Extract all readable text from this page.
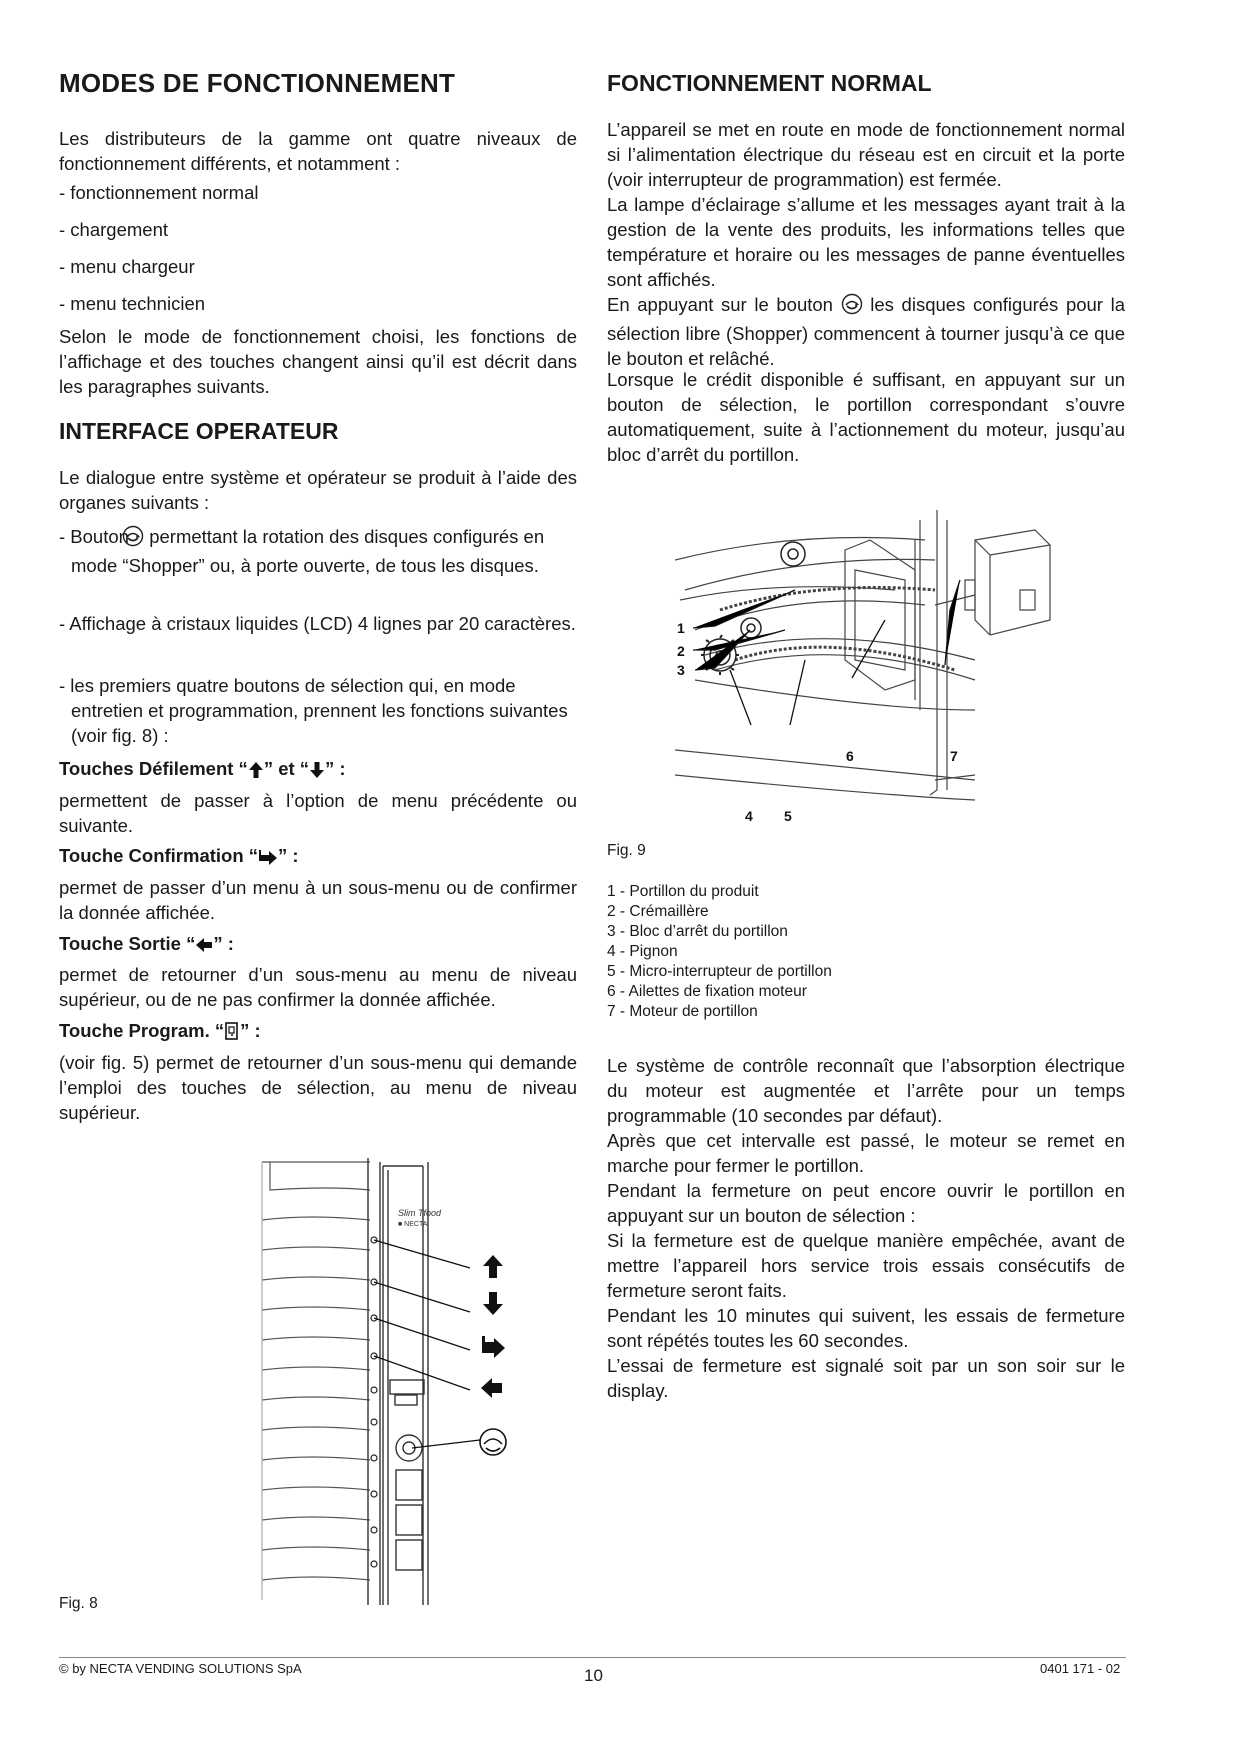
MODES DE FONCTIONNEMENT

Les distributeurs de la gamme ont quatre niveaux de fonctionnement différents, et notamment :

- fonctionnement normal
- chargement
- menu chargeur
- menu technicien

Selon le mode de fonctionnement choisi, les fonctions de l’affichage et des touches changent ainsi qu’il est décrit dans les paragraphes suivants.

INTERFACE OPERATEUR

Le dialogue entre système et opérateur se produit à l’aide des organes suivants :

- Bouton permettant la rotation des disques configurés en mode “Shopper” ou, à porte ouverte, de tous les disques.
- Affichage à cristaux liquides (LCD) 4 lignes par 20 caractères.
- les premiers quatre boutons de sélection qui, en mode entretien et programmation, prennent les fonctions suivantes (voir fig. 8) :

Touches Défilement “ ” et “ ” :

permettent de passer à l’option de menu précédente ou suivante.

Touche Confirmation “ ” :

permet de passer d’un menu à un sous-menu ou de confirmer la donnée affichée.

Touche Sortie “ ” :

permet de retourner d’un sous-menu au menu de niveau supérieur, ou de ne pas confirmer la donnée affichée.

Touche Program. “ ” :

(voir fig. 5) permet de retourner d’un sous-menu qui demande l’emploi des touches de sélection, au menu de niveau supérieur.

Slim Tfood
■ NECTA
Fig. 8
FONCTIONNEMENT NORMAL

L’appareil se met en route en mode de fonctionnement normal si l’alimentation électrique du réseau est en circuit et la porte (voir interrupteur de programmation) est fermée.

La lampe d’éclairage s’allume et les messages ayant trait à la gestion de la vente des produits, les informations telles que température et horaire ou les messages de panne éventuelles sont affichés.

En appuyant sur le bouton les disques configurés pour la sélection libre (Shopper) commencent à tourner jusqu’à ce que le bouton et relâché.

Lorsque le crédit disponible é suffisant, en appuyant sur un bouton de sélection, le portillon correspondant s’ouvre automatiquement, suite à l’actionnement du moteur, jusqu’au bloc d’arrêt du portillon.

1
2
3
4 5
6	7
Fig. 9
1 - Portillon du produit
2 - Crémaillère
3 - Bloc d’arrêt du portillon
4 - Pignon
5 - Micro-interrupteur de portillon
6 - Ailettes de fixation moteur
7 - Moteur de portillon

Le système de contrôle reconnaît que l’absorption électrique du moteur est augmentée et l’arrête pour un temps programmable (10 secondes par défaut).

Après que cet intervalle est passé, le moteur se remet en marche pour fermer le portillon.

Pendant la fermeture on peut encore ouvrir le portillon en appuyant sur un bouton de sélection :

Si la fermeture est de quelque manière empêchée, avant de mettre l’appareil hors service trois essais consécutifs de fermeture seront faits.

Pendant les 10 minutes qui suivent, les essais de fermeture sont répétés toutes les 60 secondes.

L’essai de fermeture est signalé soit par un son soir sur le display.

© by NECTA VENDING SOLUTIONS SpA	10	0401 171 - 02
